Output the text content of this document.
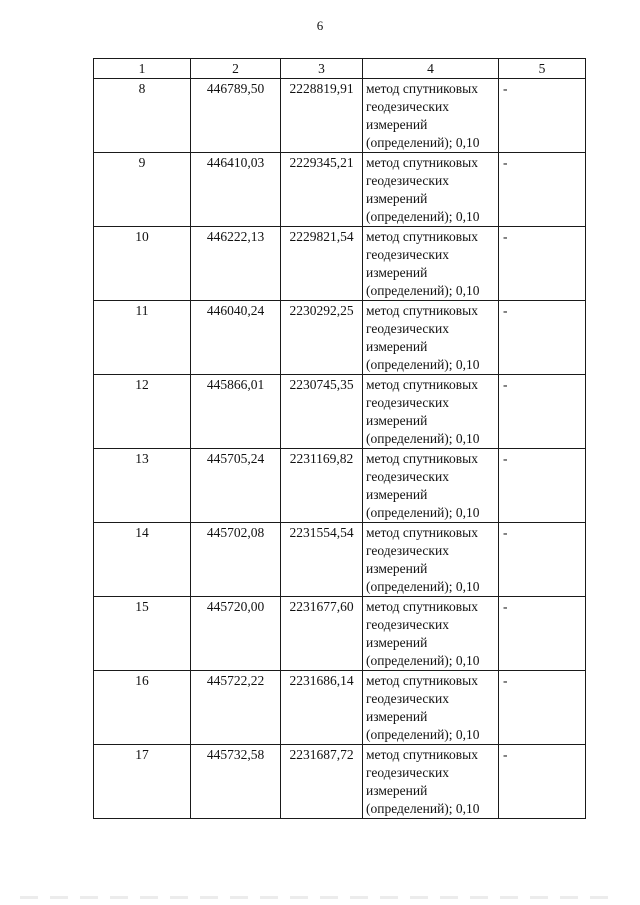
6
1	2	3	4	5
8	446789,50	2228819,91	метод спутниковых
геодезических
измерений
(определений); 0,10	-
9	446410,03	2229345,21	метод спутниковых
геодезических
измерений
(определений); 0,10	-
10	446222,13	2229821,54	метод спутниковых
геодезических
измерений
(определений); 0,10	-
11	446040,24	2230292,25	метод спутниковых
геодезических
измерений
(определений); 0,10	-
12	445866,01	2230745,35	метод спутниковых
геодезических
измерений
(определений); 0,10	-
13	445705,24	2231169,82	метод спутниковых
геодезических
измерений
(определений); 0,10	-
14	445702,08	2231554,54	метод спутниковых
геодезических
измерений
(определений); 0,10	-
15	445720,00	2231677,60	метод спутниковых
геодезических
измерений
(определений); 0,10	-
16	445722,22	2231686,14	метод спутниковых
геодезических
измерений
(определений); 0,10	-
17	445732,58	2231687,72	метод спутниковых
геодезических
измерений
(определений); 0,10	-
